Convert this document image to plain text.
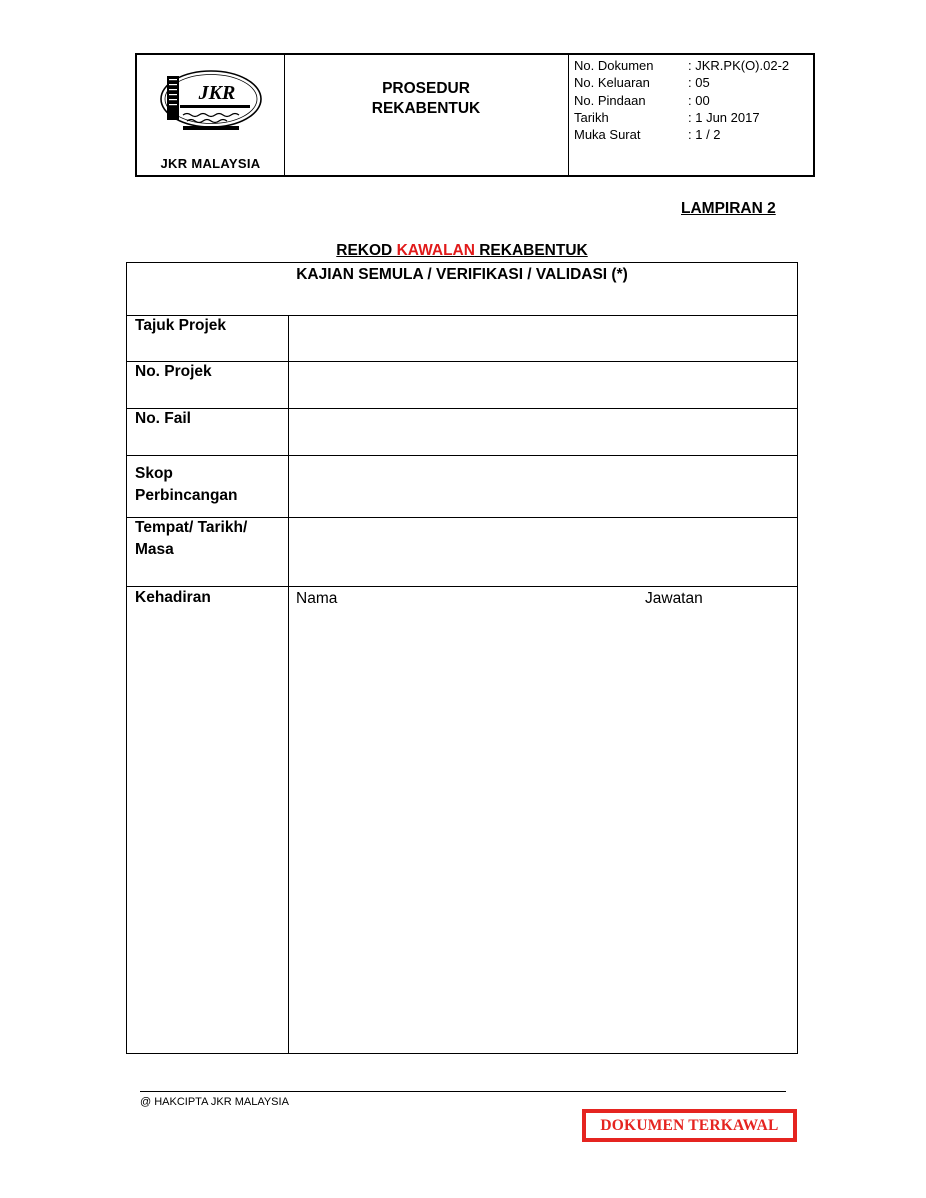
JKR
JKR MALAYSIA
PROSEDUR
REKABENTUK
No. Dokumen	: JKR.PK(O).02-2
No. Keluaran	: 05
No. Pindaan	: 00
Tarikh	: 1 Jun 2017
Muka Surat	: 1 / 2
LAMPIRAN 2
REKOD KAWALAN REKABENTUK
KAJIAN SEMULA / VERIFIKASI / VALIDASI (*)
Tajuk Projek
No. Projek
No. Fail
Skop
Perbincangan
Tempat/ Tarikh/
Masa
Kehadiran	Nama	Jawatan
@ HAKCIPTA JKR MALAYSIA
DOKUMEN TERKAWAL
